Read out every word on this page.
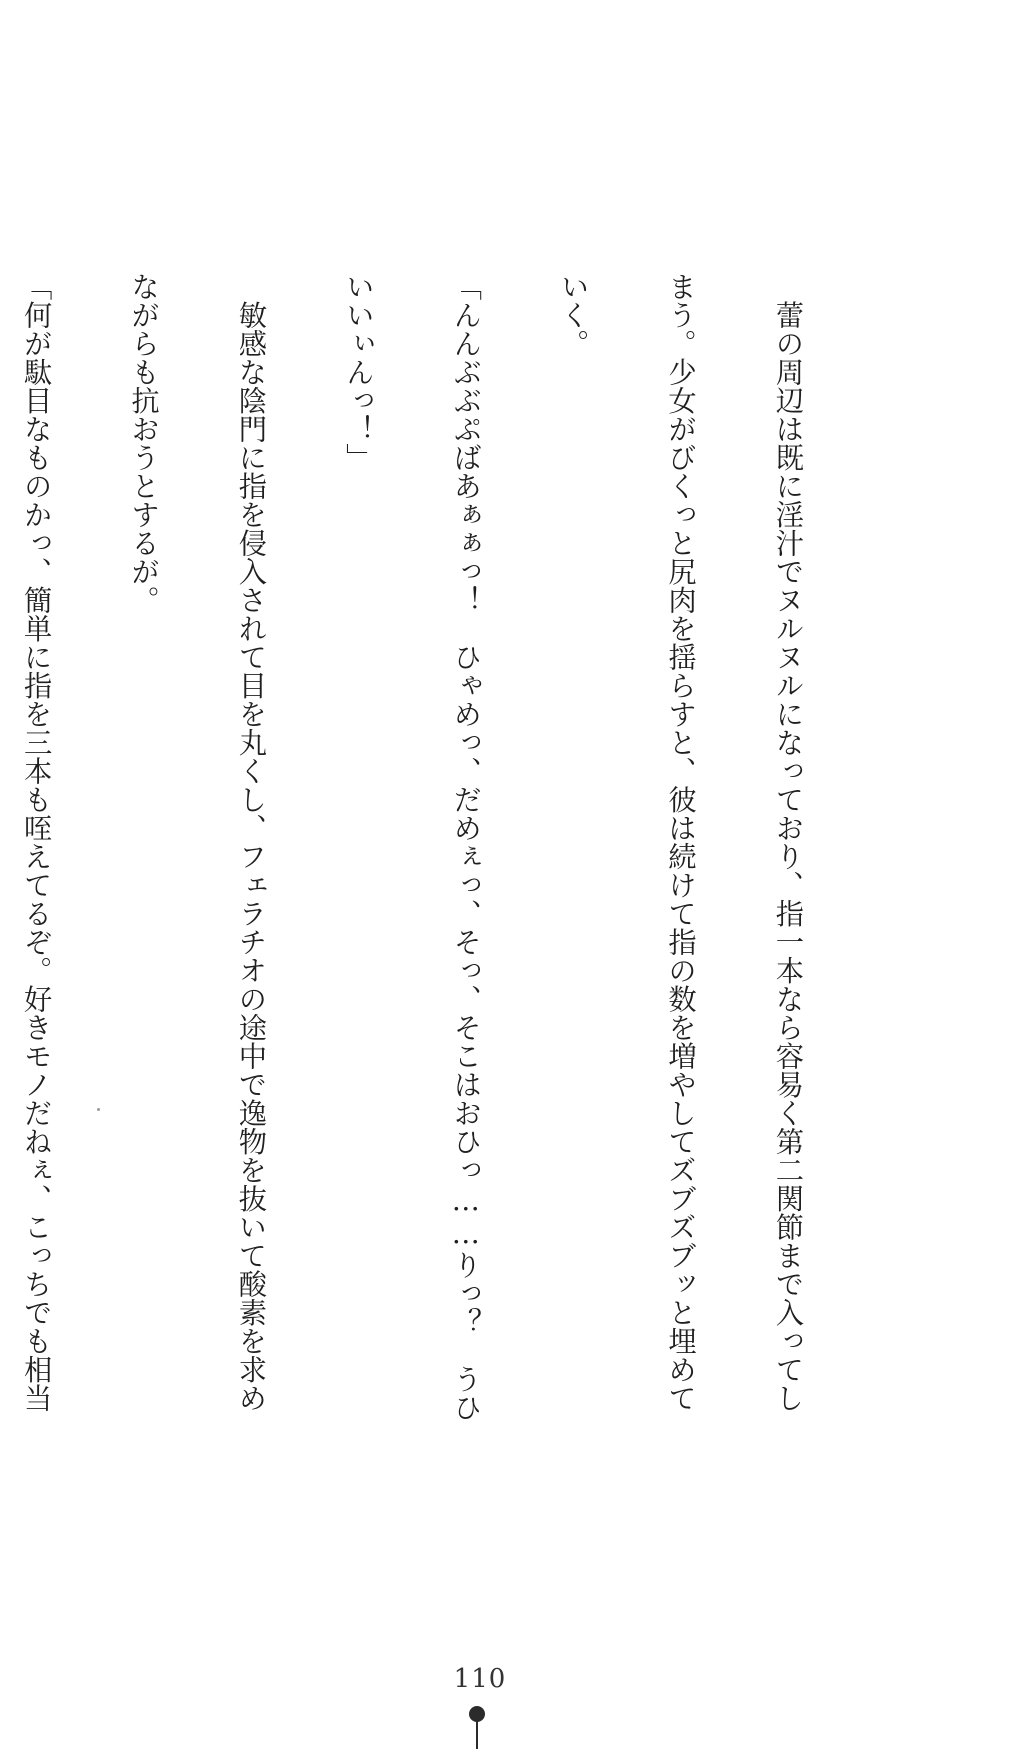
　蕾の周辺は既に淫汁でヌルヌルになっており、指一本なら容易く第二関節まで入ってし

まう。少女がびくっと尻肉を揺らすと、彼は続けて指の数を増やしてズブズブッと埋めて

いく。

「んんぶぶぷばあぁぁっ！　ひゃめっ、だめぇっ、そっ、そこはおひっ……りっ？　うひ

いいぃんっ！」

　敏感な陰門に指を侵入されて目を丸くし、フェラチオの途中で逸物を抜いて酸素を求め

ながらも抗おうとするが。

「何が駄目なものかっ、簡単に指を三本も咥えてるぞ。好きモノだねぇ、こっちでも相当

110
